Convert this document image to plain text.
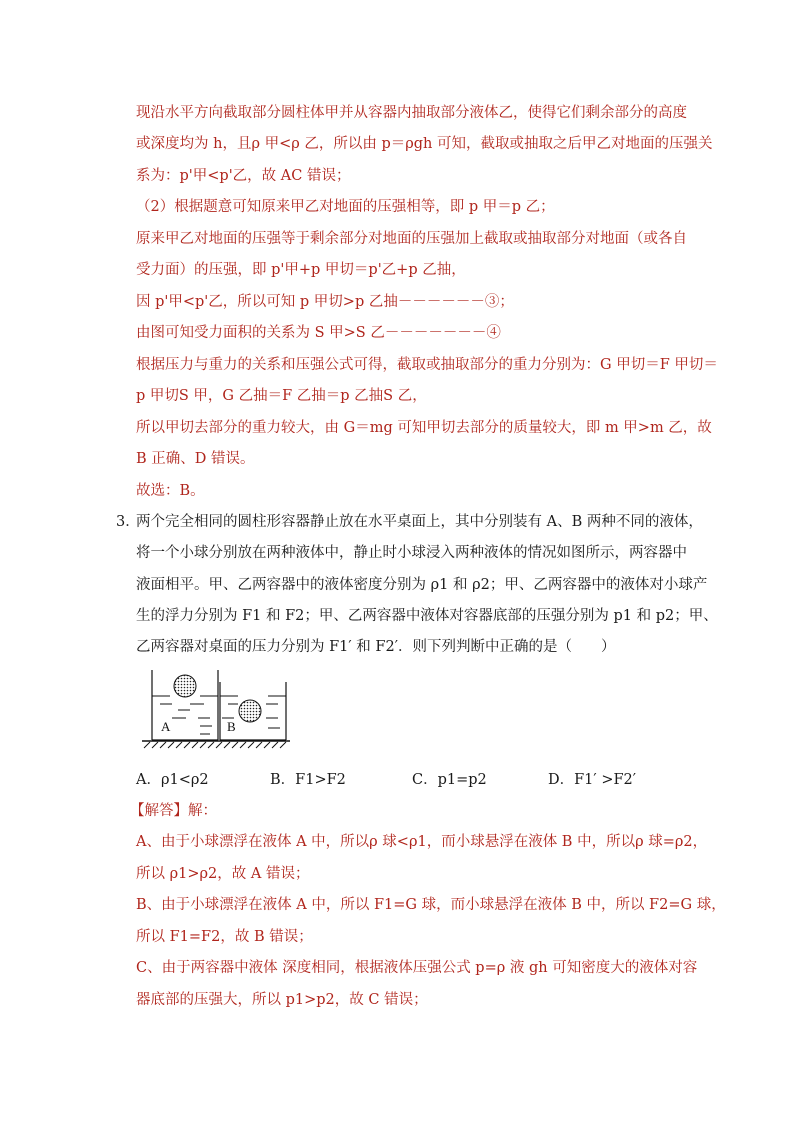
现沿水平方向截取部分圆柱体甲并从容器内抽取部分液体乙，使得它们剩余部分的高度
或深度均为 h，且ρ 甲<ρ 乙，所以由 p＝ρgh 可知，截取或抽取之后甲乙对地面的压强关
系为：p'甲<p'乙，故 AC 错误；
（2）根据题意可知原来甲乙对地面的压强相等，即 p 甲＝p 乙；
原来甲乙对地面的压强等于剩余部分对地面的压强加上截取或抽取部分对地面（或各自
受力面）的压强，即 p'甲+p 甲切＝p'乙+p 乙抽，
因 p'甲<p'乙，所以可知 p 甲切>p 乙抽－－－－－－③；
由图可知受力面积的关系为 S 甲>S 乙－－－－－－－④
根据压力与重力的关系和压强公式可得，截取或抽取部分的重力分别为：G 甲切＝F 甲切＝
p 甲切S 甲，G 乙抽＝F 乙抽＝p 乙抽S 乙，
所以甲切去部分的重力较大，由 G＝mg 可知甲切去部分的质量较大，即 m 甲>m 乙，故
B 正确、D 错误。
故选：B。
3．
两个完全相同的圆柱形容器静止放在水平桌面上，其中分别装有 A、B 两种不同的液体，
将一个小球分别放在两种液体中，静止时小球浸入两种液体的情况如图所示，两容器中
液面相平。甲、乙两容器中的液体密度分别为 ρ1 和 ρ2；甲、乙两容器中的液体对小球产
生的浮力分别为 F1 和 F2；甲、乙两容器中液体对容器底部的压强分别为 p1 和 p2；甲、
乙两容器对桌面的压力分别为 F1′ 和 F2′．则下列判断中正确的是（　　）
A	B
A．ρ1<ρ2	B．F1>F2	C．p1=p2	D．F1′ >F2′
【解答】解：
A、由于小球漂浮在液体 A 中，所以ρ 球<ρ1，而小球悬浮在液体 B 中，所以ρ 球=ρ2，
所以 ρ1>ρ2，故 A 错误；
B、由于小球漂浮在液体 A 中，所以 F1=G 球，而小球悬浮在液体 B 中，所以 F2=G 球，
所以 F1=F2，故 B 错误；
C、由于两容器中液体 深度相同，根据液体压强公式 p=ρ 液 gh 可知密度大的液体对容
器底部的压强大，所以 p1>p2，故 C 错误；
